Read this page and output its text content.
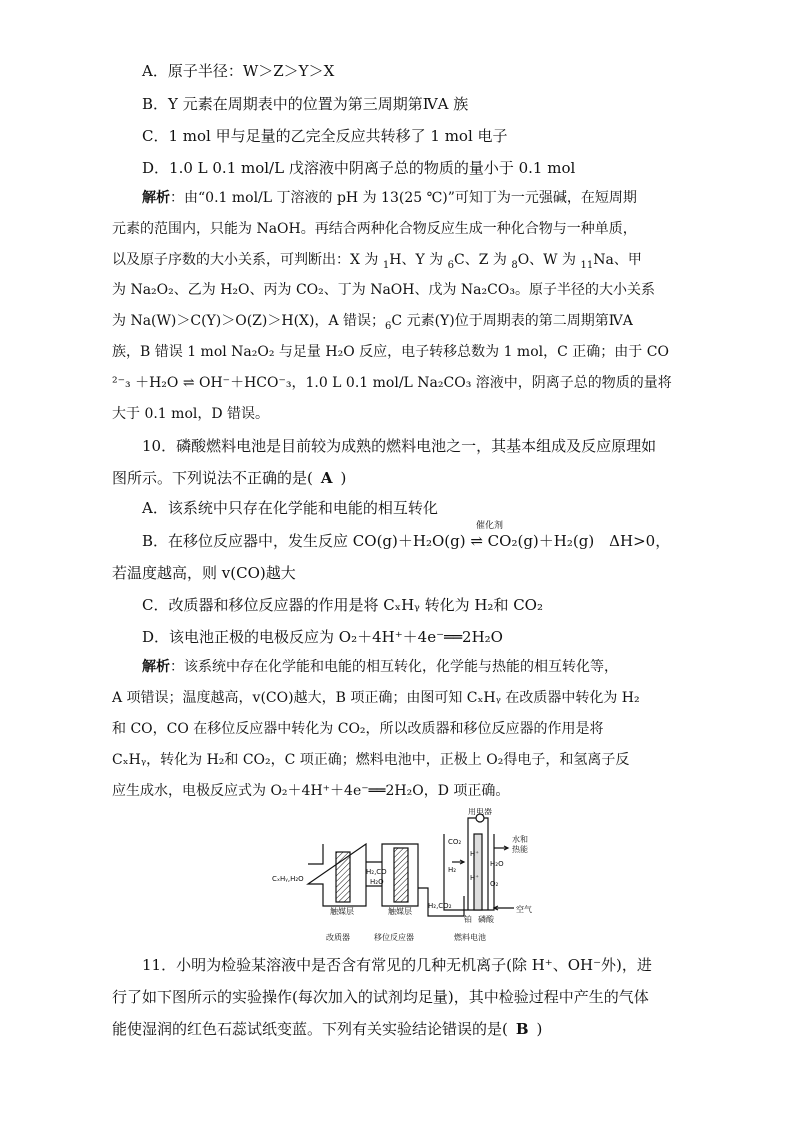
A．原子半径：W＞Z＞Y＞X
B．Y 元素在周期表中的位置为第三周期第ⅣA 族
C．1 mol 甲与足量的乙完全反应共转移了 1 mol 电子
D．1.0 L 0.1 mol/L 戊溶液中阴离子总的物质的量小于 0.1 mol
解析：由“0.1 mol/L 丁溶液的 pH 为 13(25 ℃)”可知丁为一元强碱，在短周期
元素的范围内，只能为 NaOH。再结合两种化合物反应生成一种化合物与一种单质，
以及原子序数的大小关系，可判断出：X 为 $_1$H、Y 为 $_6$C、Z 为 $_8$O、W 为 $_{11}$Na、甲
为 Na₂O₂、乙为 H₂O、丙为 CO₂、丁为 NaOH、戊为 Na₂CO₃。原子半径的大小关系
为 Na(W)＞C(Y)＞O(Z)＞H(X)，A 错误；$_6$C 元素(Y)位于周期表的第二周期第ⅣA
族，B 错误 1 mol Na₂O₂ 与足量 H₂O 反应，电子转移总数为 1 mol，C 正确；由于 CO
²⁻₃ ＋H₂O ⇌ OH⁻＋HCO⁻₃，1.0 L 0.1 mol/L Na₂CO₃ 溶液中，阴离子总的物质的量将
大于 0.1 mol，D 错误。
10．磷酸燃料电池是目前较为成熟的燃料电池之一，其基本组成及反应原理如
图所示。下列说法不正确的是( A )
A．该系统中只存在化学能和电能的相互转化
催化剂
B．在移位反应器中，发生反应 CO(g)＋H₂O(g) ⇌ CO₂(g)＋H₂(g)　ΔH>0，
若温度越高，则 v(CO)越大
C．改质器和移位反应器的作用是将 CₓHᵧ 转化为 H₂和 CO₂
D．该电池正极的电极反应为 O₂＋4H⁺＋4e⁻══2H₂O
解析：该系统中存在化学能和电能的相互转化，化学能与热能的相互转化等，
A 项错误；温度越高，v(CO)越大，B 项正确；由图可知 CₓHᵧ 在改质器中转化为 H₂
和 CO，CO 在移位反应器中转化为 CO₂，所以改质器和移位反应器的作用是将
CₓHᵧ，转化为 H₂和 CO₂，C 项正确；燃料电池中，正极上 O₂得电子，和氢离子反
应生成水，电极反应式为 O₂＋4H⁺＋4e⁻══2H₂O，D 项正确。
用电器
水和
热能
CₓHᵧ,H₂O
H₂,CO
H₂O
触媒层	触媒层
H₂,CO₂
CO₂
H₂
H⁺
H⁺
H₂O
O₂
空气
铂 磷酸
改质器	移位反应器	燃料电池
11．小明为检验某溶液中是否含有常见的几种无机离子(除 H⁺、OH⁻外)，进
行了如下图所示的实验操作(每次加入的试剂均足量)，其中检验过程中产生的气体
能使湿润的红色石蕊试纸变蓝。下列有关实验结论错误的是( B )
